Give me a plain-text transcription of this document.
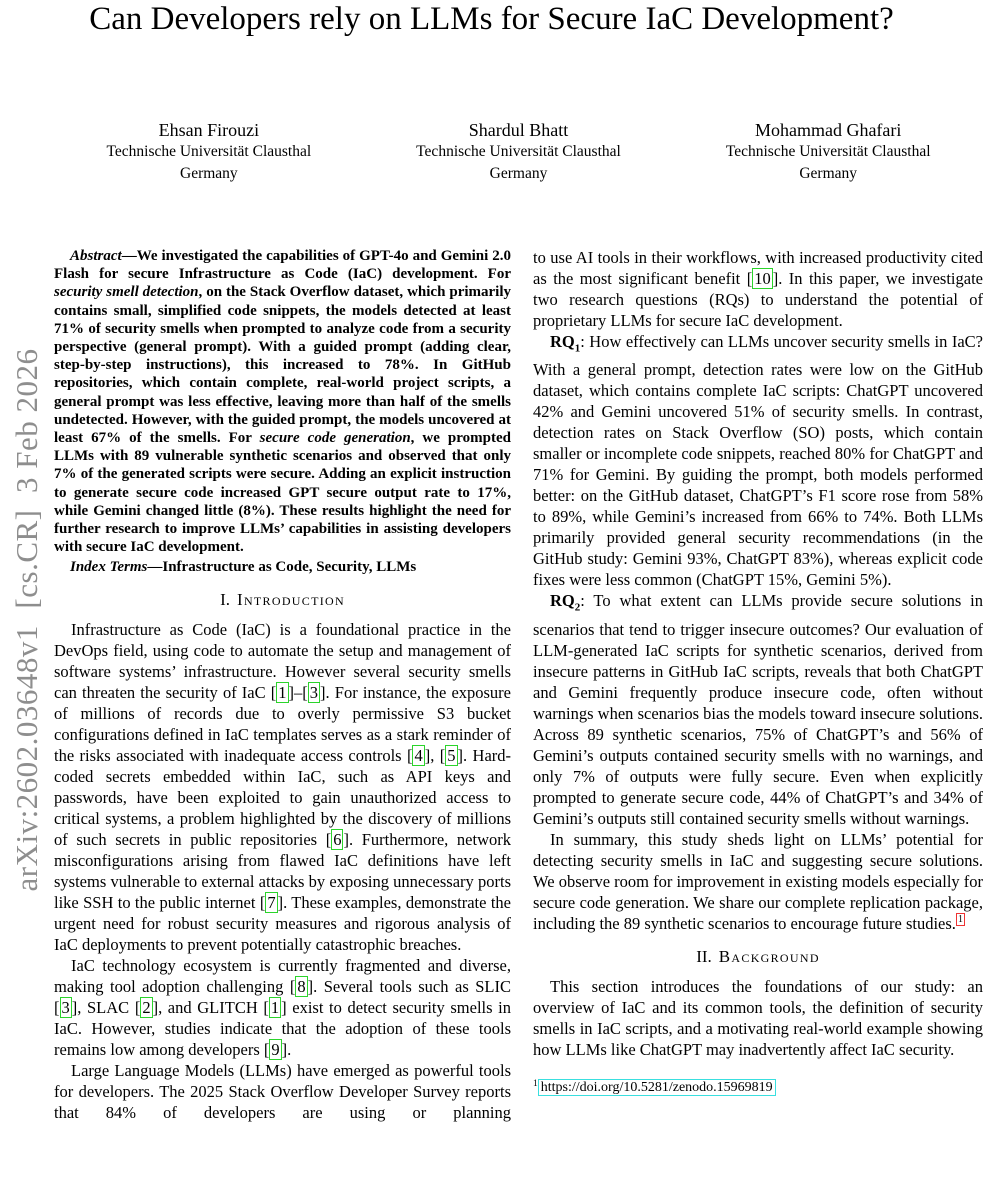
arXiv:2602.03648v1  [cs.CR]  3 Feb 2026
Can Developers rely on LLMs for Secure IaC Development?
Ehsan Firouzi
Technische Universität Clausthal
Germany
Shardul Bhatt
Technische Universität Clausthal
Germany
Mohammad Ghafari
Technische Universität Clausthal
Germany

Abstract—We investigated the capabilities of GPT-4o and Gemini 2.0 Flash for secure Infrastructure as Code (IaC) development. For security smell detection, on the Stack Overflow dataset, which primarily contains small, simplified code snippets, the models detected at least 71% of security smells when prompted to analyze code from a security perspective (general prompt). With a guided prompt (adding clear, step-by-step instructions), this increased to 78%. In GitHub repositories, which contain complete, real-world project scripts, a general prompt was less effective, leaving more than half of the smells undetected. However, with the guided prompt, the models uncovered at least 67% of the smells. For secure code generation, we prompted LLMs with 89 vulnerable synthetic scenarios and observed that only 7% of the generated scripts were secure. Adding an explicit instruction to generate secure code increased GPT secure output rate to 17%, while Gemini changed little (8%). These results highlight the need for further research to improve LLMs’ capabilities in assisting developers with secure IaC development.

Index Terms—Infrastructure as Code, Security, LLMs

I. Introduction

Infrastructure as Code (IaC) is a foundational practice in the DevOps field, using code to automate the setup and management of software systems’ infrastructure. However several security smells can threaten the security of IaC [ 1 ]–[ 3 ]. For instance, the exposure of millions of records due to overly permissive S3 bucket configurations defined in IaC templates serves as a stark reminder of the risks associated with inadequate access controls [ 4 ], [ 5 ]. Hard-coded secrets embedded within IaC, such as API keys and passwords, have been exploited to gain unauthorized access to critical systems, a problem highlighted by the discovery of millions of such secrets in public repositories [ 6 ]. Furthermore, network misconfigurations arising from flawed IaC definitions have left systems vulnerable to external attacks by exposing unnecessary ports like SSH to the public internet [ 7 ]. These examples, demonstrate the urgent need for robust security measures and rigorous analysis of IaC deployments to prevent potentially catastrophic breaches.

IaC technology ecosystem is currently fragmented and diverse, making tool adoption challenging [ 8 ]. Several tools such as SLIC [ 3 ], SLAC [ 2 ], and GLITCH [ 1 ] exist to detect security smells in IaC. However, studies indicate that the adoption of these tools remains low among developers [ 9 ].

Large Language Models (LLMs) have emerged as powerful tools for developers. The 2025 Stack Overflow Developer Survey reports that 84% of developers are using or planning

to use AI tools in their workflows, with increased productivity cited as the most significant benefit [ 10 ]. In this paper, we investigate two research questions (RQs) to understand the potential of proprietary LLMs for secure IaC development.

$RQ_1$: How effectively can LLMs uncover security smells in IaC? With a general prompt, detection rates were low on the GitHub dataset, which contains complete IaC scripts: ChatGPT uncovered 42% and Gemini uncovered 51% of security smells. In contrast, detection rates on Stack Overflow (SO) posts, which contain smaller or incomplete code snippets, reached 80% for ChatGPT and 71% for Gemini. By guiding the prompt, both models performed better: on the GitHub dataset, ChatGPT’s F1 score rose from 58% to 89%, while Gemini’s increased from 66% to 74%. Both LLMs primarily provided general security recommendations (in the GitHub study: Gemini 93%, ChatGPT 83%), whereas explicit code fixes were less common (ChatGPT 15%, Gemini 5%).

$RQ_2$: To what extent can LLMs provide secure solutions in scenarios that tend to trigger insecure outcomes? Our evaluation of LLM-generated IaC scripts for synthetic scenarios, derived from insecure patterns in GitHub IaC scripts, reveals that both ChatGPT and Gemini frequently produce insecure code, often without warnings when scenarios bias the models toward insecure solutions. Across 89 synthetic scenarios, 75% of ChatGPT’s and 56% of Gemini’s outputs contained security smells with no warnings, and only 7% of outputs were fully secure. Even when explicitly prompted to generate secure code, 44% of ChatGPT’s and 34% of Gemini’s outputs still contained security smells without warnings.

In summary, this study sheds light on LLMs’ potential for detecting security smells in IaC and suggesting secure solutions. We observe room for improvement in existing models especially for secure code generation. We share our complete replication package, including the 89 synthetic scenarios to encourage future studies. $^1$

II. Background

This section introduces the foundations of our study: an overview of IaC and its common tools, the definition of security smells in IaC scripts, and a motivating real-world example showing how LLMs like ChatGPT may inadvertently affect IaC security.

$^1$ https://doi.org/10.5281/zenodo.15969819
